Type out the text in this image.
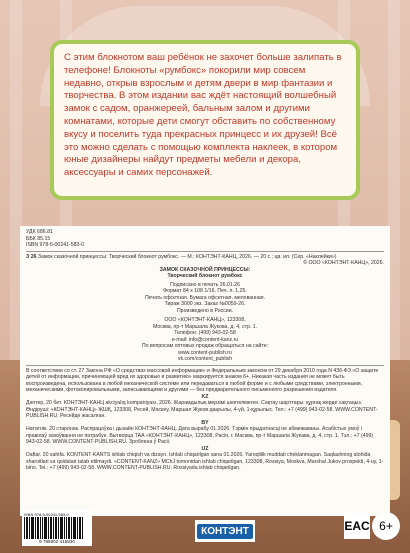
С этим блокнотом ваш ребёнок не захочет больше залипать в телефоне! Блокноты «румбокс» покорили мир совсем недавно, открыв взрослым и детям двери в мир фантазии и творчества. В этом издании вас ждёт настоящий волшебный замок с садом, оранжереей, бальным залом и другими комнатами, которые дети смогут обставить по собственному вкусу и поселить туда прекрасных принцесс и их друзей! Всё это можно сделать с помощью комплекта наклеек, в котором юные дизайнеры найдут предметы мебели и декора, аксессуары и самих персонажей.

УДК 686.81
ББК 85.15
ISBN 978-5-00241-583-0
З 26 Замок сказочной принцессы: Творческий блокнот румбокс. — М.: КОНТЭНТ-КАНЦ, 2026. — 20 с.; цв. ил. (Сер. «Наклейки»)
© ООО «КОНТЭНТ-КАНЦ», 2026.
ЗАМОК СКАЗОЧНОЙ ПРИНЦЕССЫ:
Творческий блокнот румбокс
Подписано в печать 26.01.26
Формат 84 х 108 1/16. Печ. л. 1,25.
Печать офсетная. Бумага офсетная, мелованная.
Тираж 3000 экз. Заказ №0059-26.
Произведено в России.
ООО «КОНТЭНТ-КАНЦ», 123308,
Москва, пр-т Маршала Жукова, д. 4, стр. 1.
Телефон: (499) 943-02-58
e-mail: info@content-kanz.ru
По вопросам оптовых продаж обращаться на сайте:
www.content-publish.ru
vk.com/content_publish
В соответствии со ст. 27 Закона РФ «О средствах массовой информации» и Федеральным законом от 29 декабря 2010 года N 436-ФЗ «О защите детей от информации, причиняющей вред их здоровью и развитию» маркируется знаком 6+. Никакая часть издания не может быть воспроизведена, использована в любой механической системе или передаваться в любой форме и с любыми средствами, электронными, механическими, фотокопировальными, записывающими и другими — без предварительного письменного разрешения издателя.
KZ
Дәптер, 20 бет. КОНТЭНТ-КАНЦ аkciyalıq kompaniyası, 2026. Жарамдылық мерзімі шектелмеген. Сақтау шарттары: құрғақ жерде сақтаңыз. Өндіруші: «КОНТЭНТ-КАНЦ» ЖШҚ, 123308, Ресей, Мәскеу, Маршал Жуков даңғылы, 4-үй, 1-құрылыс. Тел.: +7 (499) 943-02-58. WWW.CONTENT-PUBLISH.RU. Ресейде жасалған.
BY
Нататнік. 20 старонак. Распрацоўка і дызайн КОНТЭНТ-КАНЦ. Дата вырабу 01.2026. Тэрмін прыдатнасці не абмежаваны. Асабістых умоў і правілаў захоўвання не патрабуе. Вытворца ТАА «КОНТЭНТ-КАНЦ», 123308, Расія, г. Масква, пр-т Маршала Жукава, д. 4, стр. 1. Тэл.: +7 (499) 943-02-58. WWW.CONTENT-PUBLISH.RU. Зроблена ў Расіі.
UZ
Daftar. 20 sahifa. KONTENT-KANTS ishlab chiqish va dizayn. Ishlab chiqarilgan sana 01.2026. Yaroqlilik muddati cheklanmagan. Saqlashning alohida sharoitlari va qoidalari talab etilmaydi. «CONTENT-KANZ» MChJ tomonidan ishlab chiqarilgan, 123308, Rossiya, Moskva, Marshal Jukov prospekti, 4-uy, 1-bino. Tel.: +7 (499) 943-02-58. WWW.CONTENT-PUBLISH.RU. Rossiyada ishlab chiqarilgan.
ISBN 978-5-00241-583-0
9 785002 415830
КОНТЭНТ	EAC 6+
